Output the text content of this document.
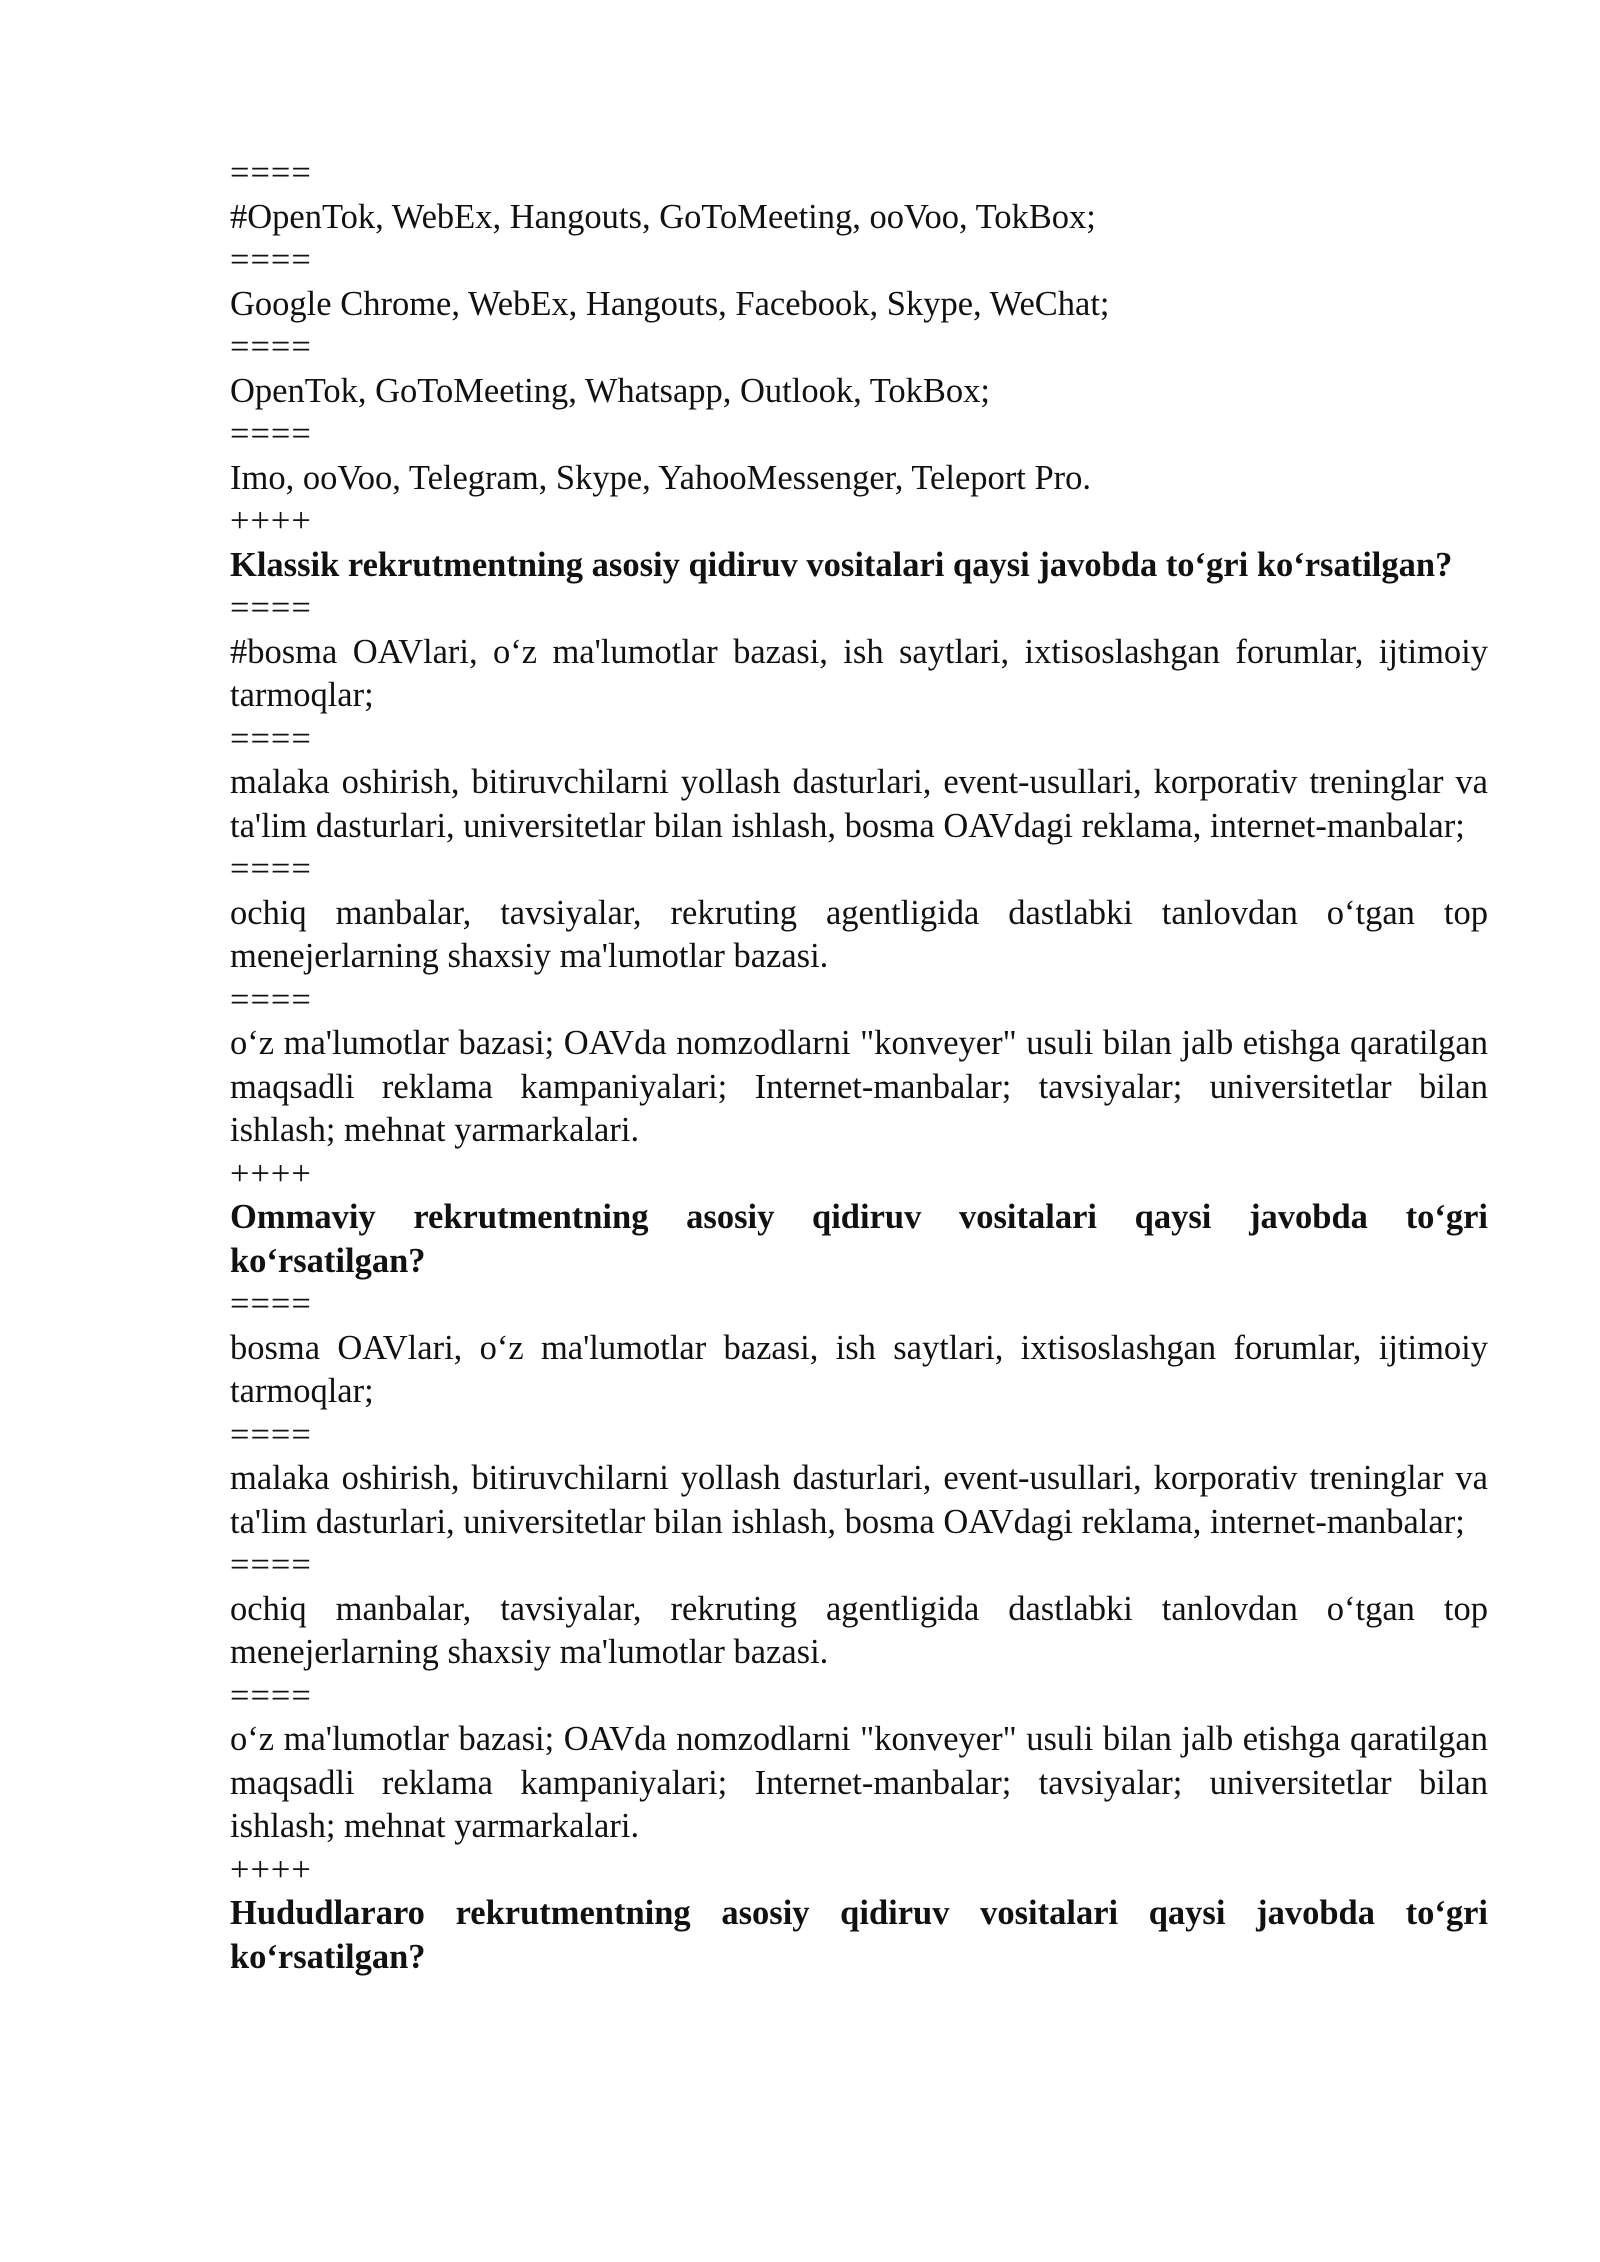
====
#OpenTok, WebEx, Hangouts, GoToMeeting, ooVoo, TokBox;
====
Google Chrome, WebEx, Hangouts, Facebook, Skype, WeChat;
====
OpenTok, GoToMeeting, Whatsapp, Outlook, TokBox;
====
Imo, ooVoo, Telegram, Skype, YahooMessenger, Teleport Pro.
++++
Klassik rekrutmentning asosiy qidiruv vositalari qaysi javobda to‘gri ko‘rsatilgan?
====
#bosma OAVlari, o‘z ma'lumotlar bazasi, ish saytlari, ixtisoslashgan forumlar, ijtimoiy tarmoqlar;
====
malaka oshirish, bitiruvchilarni yollash dasturlari, event-usullari, korporativ treninglar va ta'lim dasturlari, universitetlar bilan ishlash, bosma OAVdagi reklama, internet-manbalar;
====
ochiq manbalar, tavsiyalar, rekruting agentligida dastlabki tanlovdan o‘tgan top menejerlarning shaxsiy ma'lumotlar bazasi.
====
o‘z ma'lumotlar bazasi; OAVda nomzodlarni "konveyer" usuli bilan jalb etishga qaratilgan maqsadli reklama kampaniyalari; Internet-manbalar; tavsiyalar; universitetlar bilan ishlash; mehnat yarmarkalari.
++++
Ommaviy rekrutmentning asosiy qidiruv vositalari qaysi javobda to‘gri ko‘rsatilgan?
====
bosma OAVlari, o‘z ma'lumotlar bazasi, ish saytlari, ixtisoslashgan forumlar, ijtimoiy tarmoqlar;
====
malaka oshirish, bitiruvchilarni yollash dasturlari, event-usullari, korporativ treninglar va ta'lim dasturlari, universitetlar bilan ishlash, bosma OAVdagi reklama, internet-manbalar;
====
ochiq manbalar, tavsiyalar, rekruting agentligida dastlabki tanlovdan o‘tgan top menejerlarning shaxsiy ma'lumotlar bazasi.
====
o‘z ma'lumotlar bazasi; OAVda nomzodlarni "konveyer" usuli bilan jalb etishga qaratilgan maqsadli reklama kampaniyalari; Internet-manbalar; tavsiyalar; universitetlar bilan ishlash; mehnat yarmarkalari.
++++
Hududlararo rekrutmentning asosiy qidiruv vositalari qaysi javobda to‘gri ko‘rsatilgan?
